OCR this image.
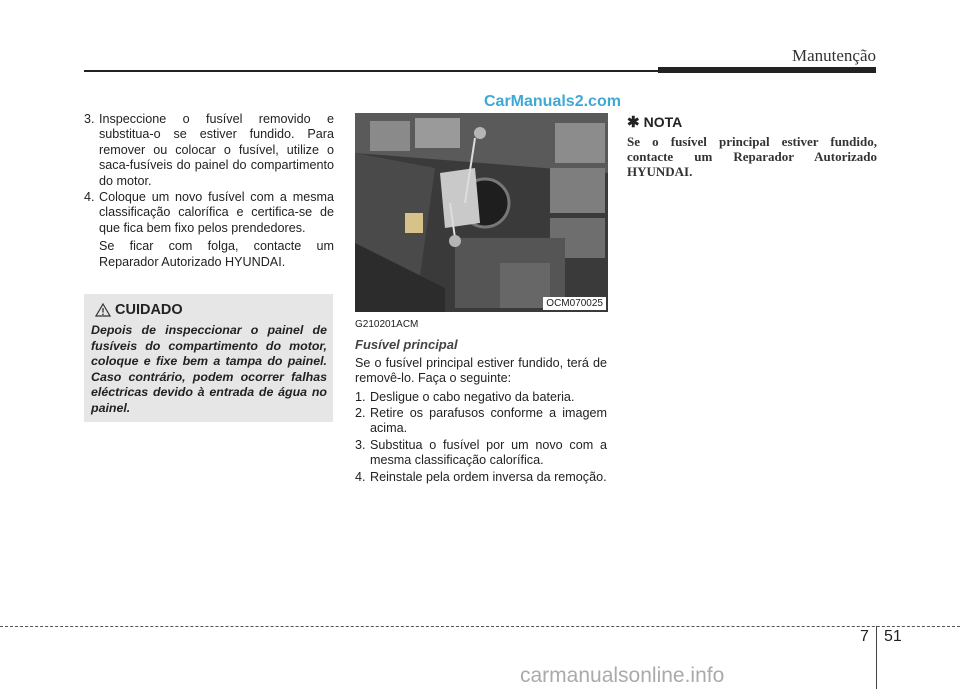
Manutenção
CarManuals2.com
3. Inspeccione o fusível removido e substitua-o se estiver fundido. Para remover ou colocar o fusível, utilize o saca-fusíveis do painel do compartimento do motor.
4. Coloque um novo fusível com a mesma classificação calorífica e certifica-se de que fica bem fixo pelos prendedores.
Se ficar com folga, contacte um Reparador Autorizado HYUNDAI.
CUIDADO
Depois de inspeccionar o painel de fusíveis do compartimento do motor, coloque e fixe bem a tampa do painel. Caso contrário, podem ocorrer falhas eléctricas devido à entrada de água no painel.
OCM070025
G210201ACM
Fusível principal
Se o fusível principal estiver fundido, terá de removê-lo. Faça o seguinte:
1. Desligue o cabo negativo da bateria.
2. Retire os parafusos conforme a imagem acima.
3. Substitua o fusível por um novo com a mesma classificação calorífica.
4. Reinstale pela ordem inversa da remoção.
✱ NOTA
Se o fusível principal estiver fundido, contacte um Reparador Autorizado HYUNDAI.
7 51
carmanualsonline.info
